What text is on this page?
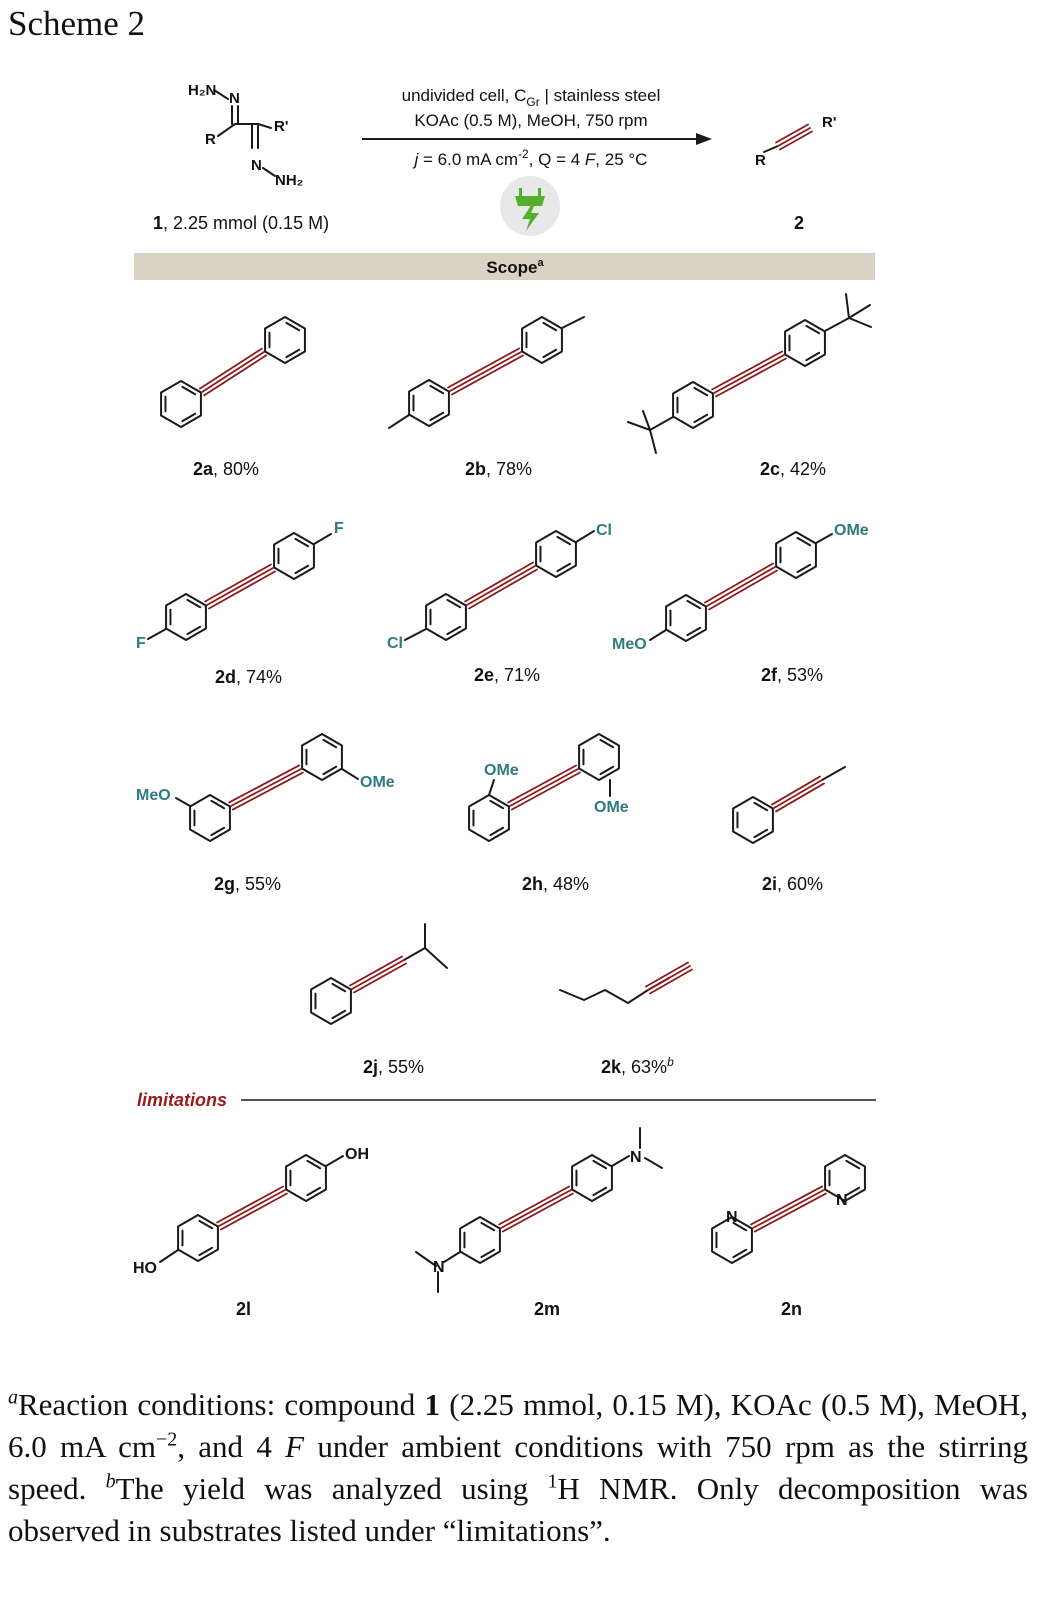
Scheme 2
H₂N N
R
R'
N
NH₂
R
R'
1, 2.25 mmol (0.15 M)	2
undivided cell, $C_{Gr}$ | stainless steel
KOAc (0.5 M), MeOH, 750 rpm
j = 6.0 mA $cm^{-2}$, Q = 4 F, 25 °C
Scope$^a$
F
F
Cl
Cl
OMe
MeO
MeO
OMe
OMe
OMe
OH
HO
N
N
N
N
limitations
2a, 80%	2b, 78%	2c, 42%
2d, 74%	2e, 71%	2f, 53%
2g, 55%	2h, 48%	2i, 60%
2j, 55%	2k, 63%$^b$
2l	2m	2n
$^a$Reaction conditions: compound 1 (2.25 mmol, 0.15 M), KOAc (0.5 M), MeOH, 6.0 mA $cm^{-2}$, and 4 F under ambient conditions with 750 rpm as the stirring speed. $^b$The yield was analyzed using $^1$H NMR. Only decomposition was observed in substrates listed under “limitations”.
